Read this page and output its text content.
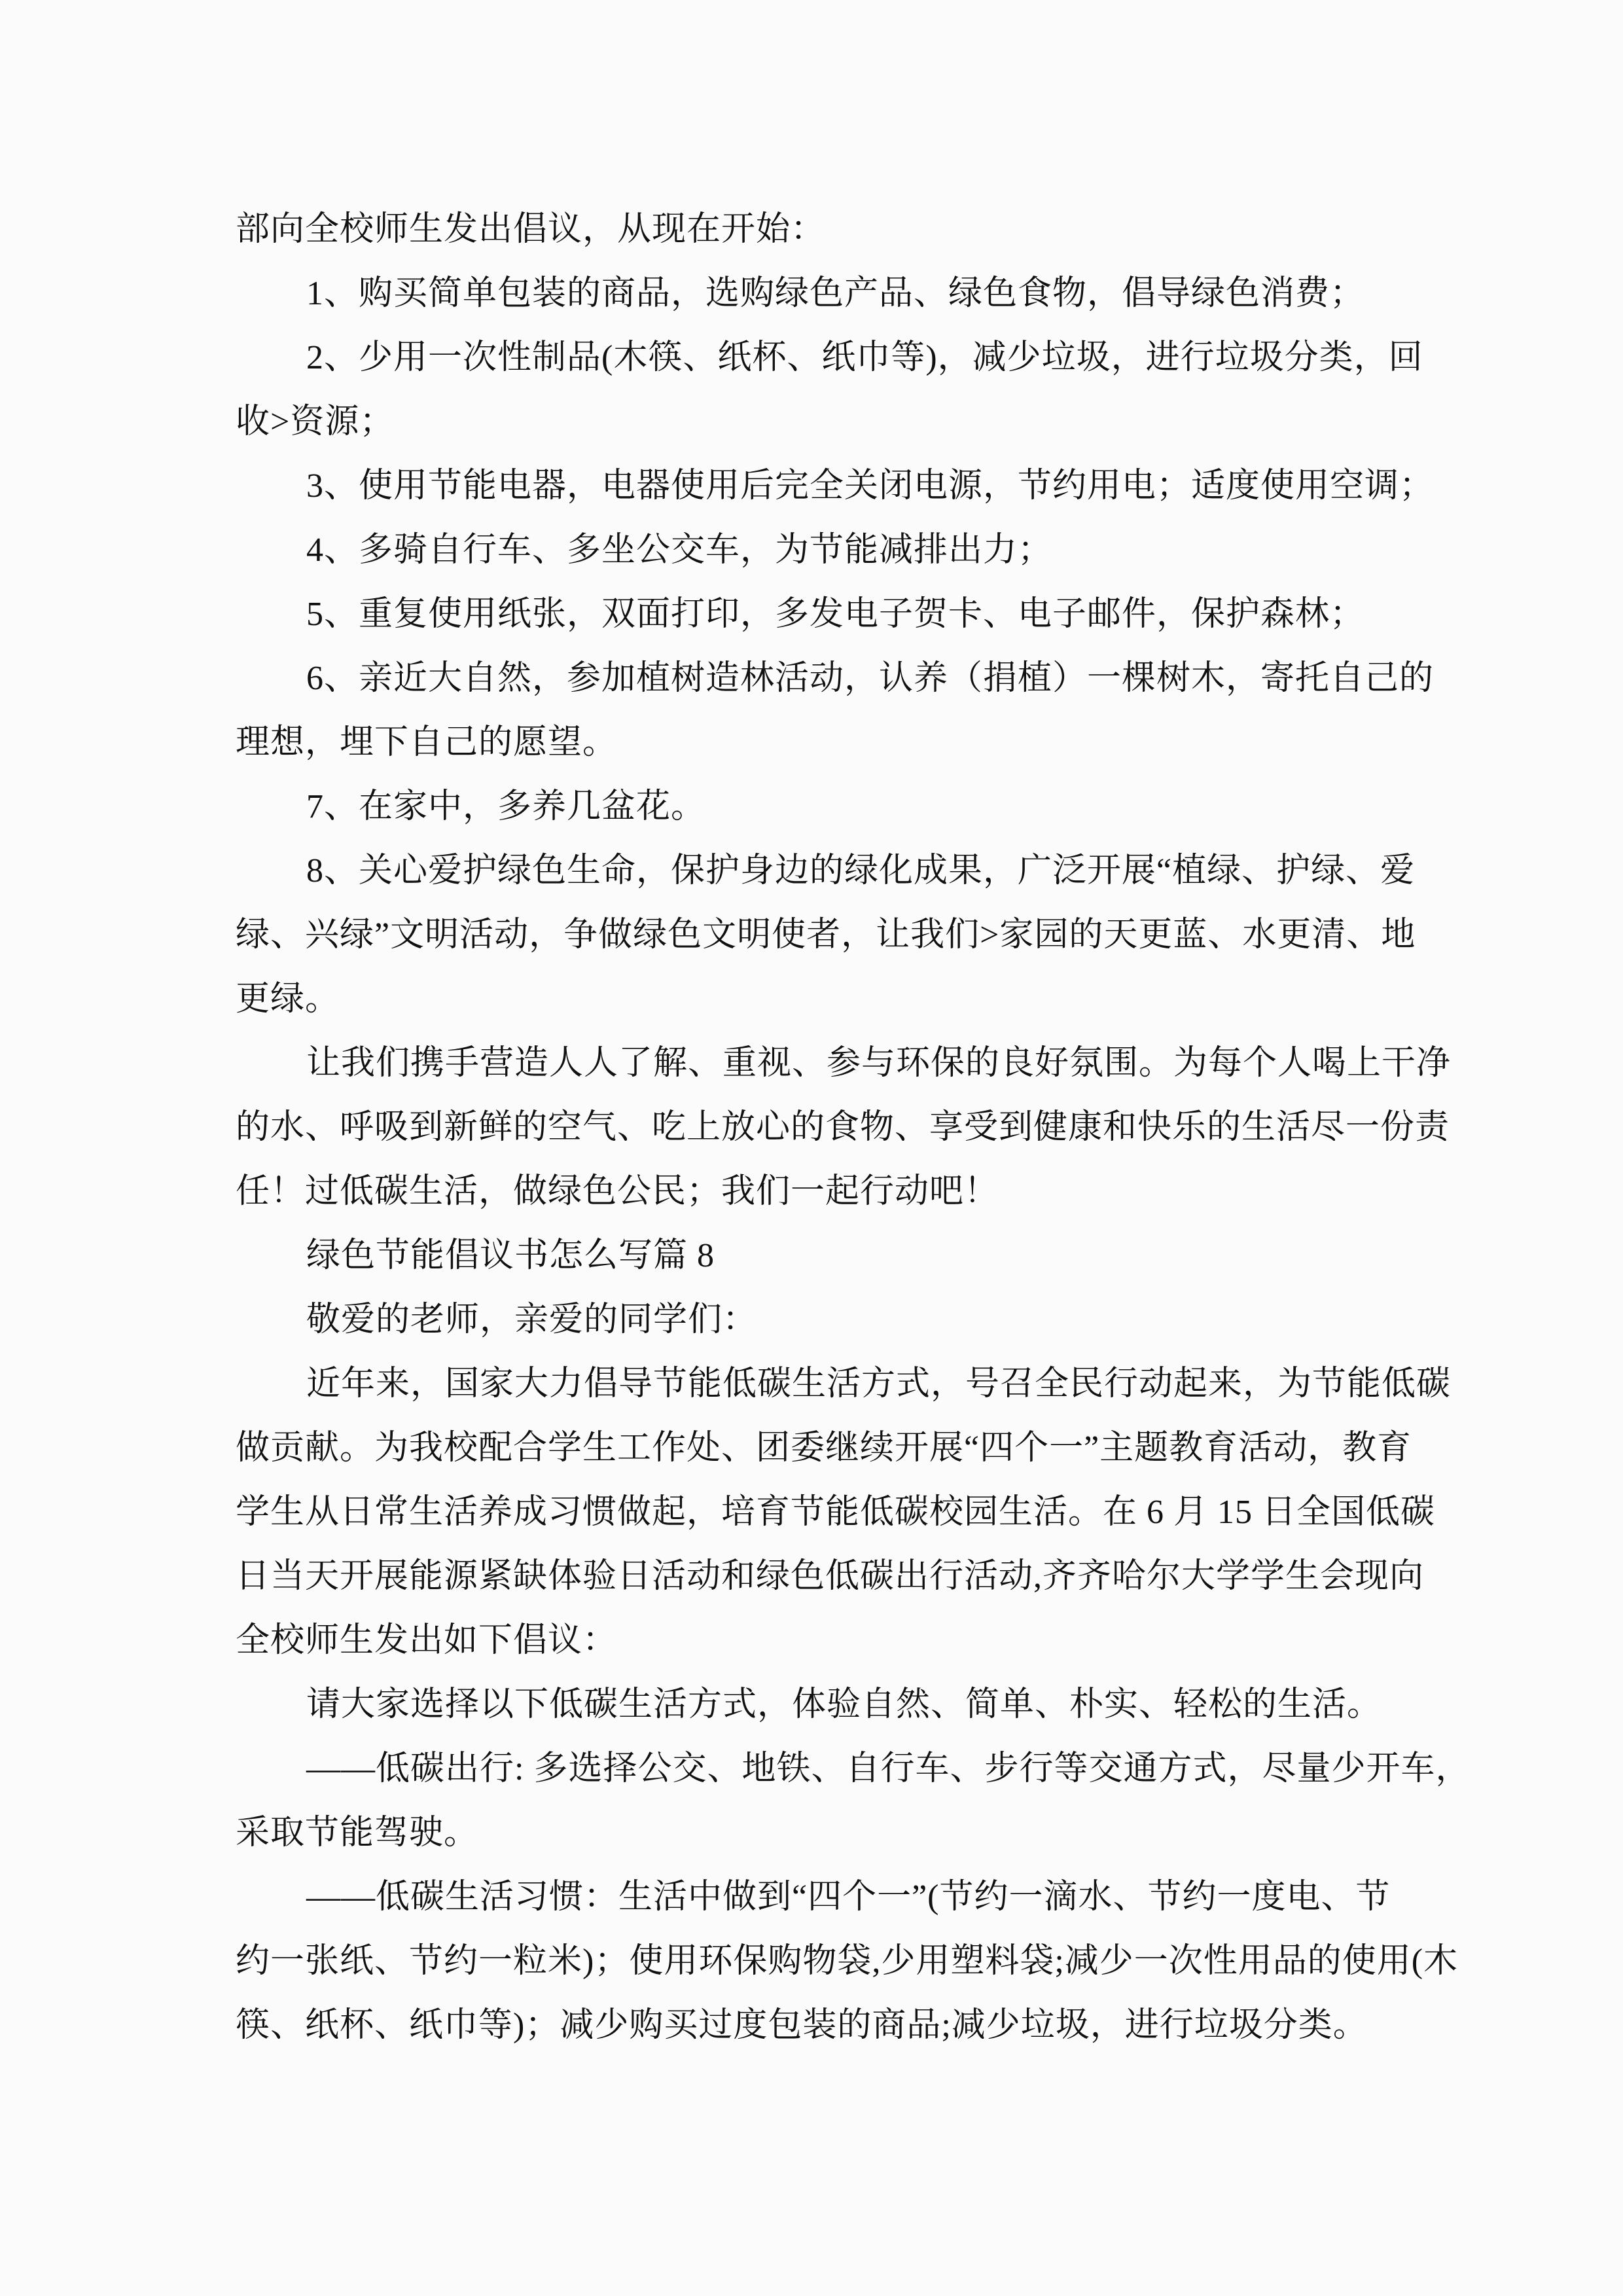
部向全校师生发出倡议，从现在开始：
1、购买简单包装的商品，选购绿色产品、绿色食物，倡导绿色消费；
2、少用一次性制品(木筷、纸杯、纸巾等)，减少垃圾，进行垃圾分类，回
收>资源；
3、使用节能电器，电器使用后完全关闭电源，节约用电；适度使用空调；
4、多骑自行车、多坐公交车，为节能减排出力；
5、重复使用纸张，双面打印，多发电子贺卡、电子邮件，保护森林；
6、亲近大自然，参加植树造林活动，认养（捐植）一棵树木，寄托自己的
理想，埋下自己的愿望。
7、在家中，多养几盆花。
8、关心爱护绿色生命，保护身边的绿化成果，广泛开展“植绿、护绿、爱
绿、兴绿”文明活动，争做绿色文明使者，让我们>家园的天更蓝、水更清、地
更绿。
让我们携手营造人人了解、重视、参与环保的良好氛围。为每个人喝上干净
的水、呼吸到新鲜的空气、吃上放心的食物、享受到健康和快乐的生活尽一份责
任！过低碳生活，做绿色公民；我们一起行动吧！
绿色节能倡议书怎么写篇 8
敬爱的老师，亲爱的同学们：
近年来，国家大力倡导节能低碳生活方式，号召全民行动起来，为节能低碳
做贡献。为我校配合学生工作处、团委继续开展“四个一”主题教育活动，教育
学生从日常生活养成习惯做起，培育节能低碳校园生活。在 6 月 15 日全国低碳
日当天开展能源紧缺体验日活动和绿色低碳出行活动,齐齐哈尔大学学生会现向
全校师生发出如下倡议：
请大家选择以下低碳生活方式，体验自然、简单、朴实、轻松的生活。
——低碳出行: 多选择公交、地铁、自行车、步行等交通方式，尽量少开车，
采取节能驾驶。
——低碳生活习惯：生活中做到“四个一”(节约一滴水、节约一度电、节
约一张纸、节约一粒米)；使用环保购物袋,少用塑料袋;减少一次性用品的使用(木
筷、纸杯、纸巾等)；减少购买过度包装的商品;减少垃圾，进行垃圾分类。
